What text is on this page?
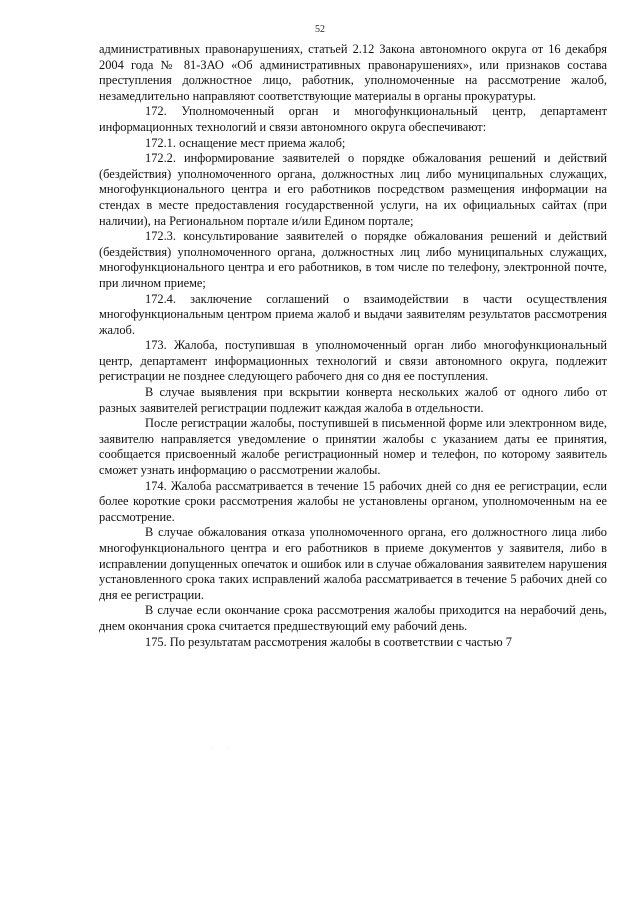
52

административных правонарушениях, статьей 2.12 Закона автономного округа от 16 декабря 2004 года № 81-ЗАО «Об административных правонарушениях», или признаков состава преступления должностное лицо, работник, уполномоченные на рассмотрение жалоб, незамедлительно направляют соответствующие материалы в органы прокуратуры.

172. Уполномоченный орган и многофункциональный центр, департамент информационных технологий и связи автономного округа обеспечивают:

172.1. оснащение мест приема жалоб;

172.2. информирование заявителей о порядке обжалования решений и действий (бездействия) уполномоченного органа, должностных лиц либо муниципальных служащих, многофункционального центра и его работников посредством размещения информации на стендах в месте предоставления государственной услуги, на их официальных сайтах (при наличии), на Региональном портале и/или Едином портале;

172.3. консультирование заявителей о порядке обжалования решений и действий (бездействия) уполномоченного органа, должностных лиц либо муниципальных служащих, многофункционального центра и его работников, в том числе по телефону, электронной почте, при личном приеме;

172.4. заключение соглашений о взаимодействии в части осуществления многофункциональным центром приема жалоб и выдачи заявителям результатов рассмотрения жалоб.

173. Жалоба, поступившая в уполномоченный орган либо многофункциональный центр, департамент информационных технологий и связи автономного округа, подлежит регистрации не позднее следующего рабочего дня со дня ее поступления.

В случае выявления при вскрытии конверта нескольких жалоб от одного либо от разных заявителей регистрации подлежит каждая жалоба в отдельности.

После регистрации жалобы, поступившей в письменной форме или электронном виде, заявителю направляется уведомление о принятии жалобы с указанием даты ее принятия, сообщается присвоенный жалобе регистрационный номер и телефон, по которому заявитель сможет узнать информацию о рассмотрении жалобы.

174. Жалоба рассматривается в течение 15 рабочих дней со дня ее регистрации, если более короткие сроки рассмотрения жалобы не установлены органом, уполномоченным на ее рассмотрение.

В случае обжалования отказа уполномоченного органа, его должностного лица либо многофункционального центра и его работников в приеме документов у заявителя, либо в исправлении допущенных опечаток и ошибок или в случае обжалования заявителем нарушения установленного срока таких исправлений жалоба рассматривается в течение 5 рабочих дней со дня ее регистрации.

В случае если окончание срока рассмотрения жалобы приходится на нерабочий день, днем окончания срока считается предшествующий ему рабочий день.

175. По результатам рассмотрения жалобы в соответствии с частью 7

· ·
